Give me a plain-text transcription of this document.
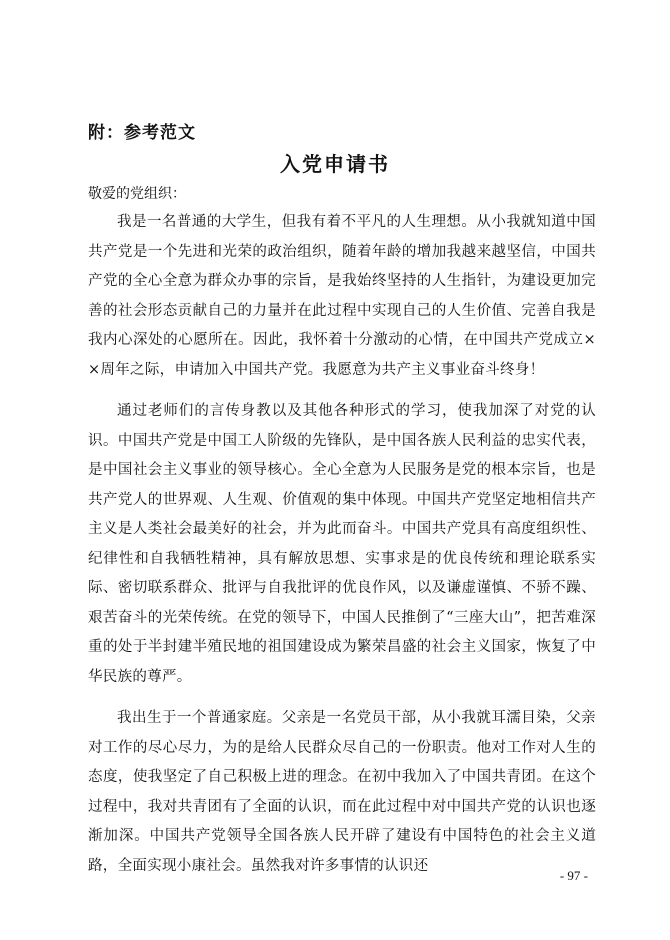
附：参考范文
入党申请书
敬爱的党组织：

我是一名普通的大学生，但我有着不平凡的人生理想。从小我就知道中国共产党是一个先进和光荣的政治组织，随着年龄的增加我越来越坚信，中国共产党的全心全意为群众办事的宗旨，是我始终坚持的人生指针，为建设更加完善的社会形态贡献自己的力量并在此过程中实现自己的人生价值、完善自我是我内心深处的心愿所在。因此，我怀着十分激动的心情，在中国共产党成立××周年之际，申请加入中国共产党。我愿意为共产主义事业奋斗终身！

通过老师们的言传身教以及其他各种形式的学习，使我加深了对党的认识。中国共产党是中国工人阶级的先锋队，是中国各族人民利益的忠实代表，是中国社会主义事业的领导核心。全心全意为人民服务是党的根本宗旨，也是共产党人的世界观、人生观、价值观的集中体现。中国共产党坚定地相信共产主义是人类社会最美好的社会，并为此而奋斗。中国共产党具有高度组织性、纪律性和自我牺牲精神，具有解放思想、实事求是的优良传统和理论联系实际、密切联系群众、批评与自我批评的优良作风，以及谦虚谨慎、不骄不躁、艰苦奋斗的光荣传统。在党的领导下，中国人民推倒了“三座大山”，把苦难深重的处于半封建半殖民地的祖国建设成为繁荣昌盛的社会主义国家，恢复了中华民族的尊严。

我出生于一个普通家庭。父亲是一名党员干部，从小我就耳濡目染，父亲对工作的尽心尽力，为的是给人民群众尽自己的一份职责。他对工作对人生的态度，使我坚定了自己积极上进的理念。在初中我加入了中国共青团。在这个过程中，我对共青团有了全面的认识，而在此过程中对中国共产党的认识也逐渐加深。中国共产党领导全国各族人民开辟了建设有中国特色的社会主义道路，全面实现小康社会。虽然我对许多事情的认识还

- 97 -
